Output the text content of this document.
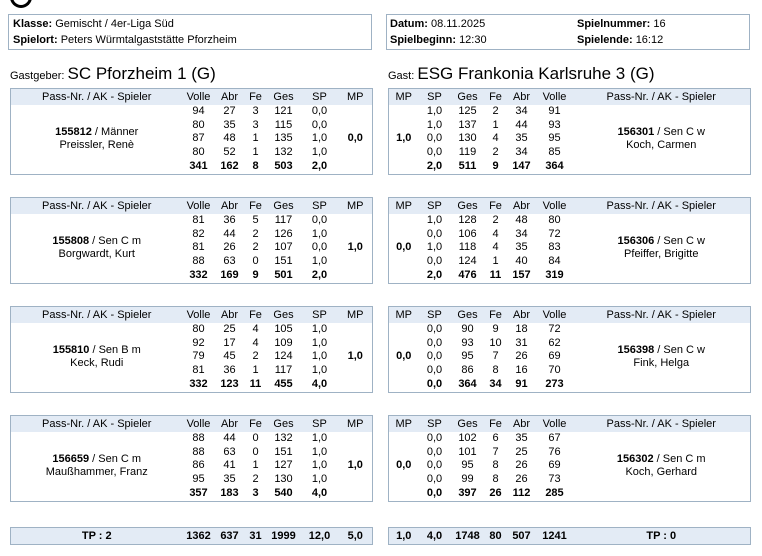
Klasse: Gemischt / 4er-Liga Süd
Spielort: Peters Würmtalgaststätte Pforzheim
Datum: 08.11.2025	Spielnummer: 16
Spielbeginn: 12:30	Spielende: 16:12
Gastgeber: SC Pforzheim 1 (G)	Gast: ESG Frankonia Karlsruhe 3 (G)
Pass-Nr. / AK - Spieler	Volle	Abr	Fe	Ges	SP	MP
155812 / Männer
Preissler, Renè	94	27	3	121	0,0	0,0
	80	35	3	115	0,0	
	87	48	1	135	1,0	
	80	52	1	132	1,0	
	341	162	8	503	2,0	
MP	SP	Ges	Fe	Abr	Volle	Pass-Nr. / AK - Spieler
1,0	1,0	125	2	34	91	156301 / Sen C w
Koch, Carmen
	1,0	137	1	44	93	
	0,0	130	4	35	95	
	0,0	119	2	34	85	
	2,0	511	9	147	364	
Pass-Nr. / AK - Spieler	Volle	Abr	Fe	Ges	SP	MP
155808 / Sen C m
Borgwardt, Kurt	81	36	5	117	0,0	1,0
	82	44	2	126	1,0	
	81	26	2	107	0,0	
	88	63	0	151	1,0	
	332	169	9	501	2,0	
MP	SP	Ges	Fe	Abr	Volle	Pass-Nr. / AK - Spieler
0,0	1,0	128	2	48	80	156306 / Sen C w
Pfeiffer, Brigitte
	0,0	106	4	34	72	
	1,0	118	4	35	83	
	0,0	124	1	40	84	
	2,0	476	11	157	319	
Pass-Nr. / AK - Spieler	Volle	Abr	Fe	Ges	SP	MP
155810 / Sen B m
Keck, Rudi	80	25	4	105	1,0	1,0
	92	17	4	109	1,0	
	79	45	2	124	1,0	
	81	36	1	117	1,0	
	332	123	11	455	4,0	
MP	SP	Ges	Fe	Abr	Volle	Pass-Nr. / AK - Spieler
0,0	0,0	90	9	18	72	156398 / Sen C w
Fink, Helga
	0,0	93	10	31	62	
	0,0	95	7	26	69	
	0,0	86	8	16	70	
	0,0	364	34	91	273	
Pass-Nr. / AK - Spieler	Volle	Abr	Fe	Ges	SP	MP
156659 / Sen C m
Maußhammer, Franz	88	44	0	132	1,0	1,0
	88	63	0	151	1,0	
	86	41	1	127	1,0	
	95	35	2	130	1,0	
	357	183	3	540	4,0	
MP	SP	Ges	Fe	Abr	Volle	Pass-Nr. / AK - Spieler
0,0	0,0	102	6	35	67	156302 / Sen C m
Koch, Gerhard
	0,0	101	7	25	76	
	0,0	95	8	26	69	
	0,0	99	8	26	73	
	0,0	397	26	112	285	
TP : 2	1362	637	31	1999	12,0	5,0	1,0	4,0	1748	80	507	1241	TP : 0
